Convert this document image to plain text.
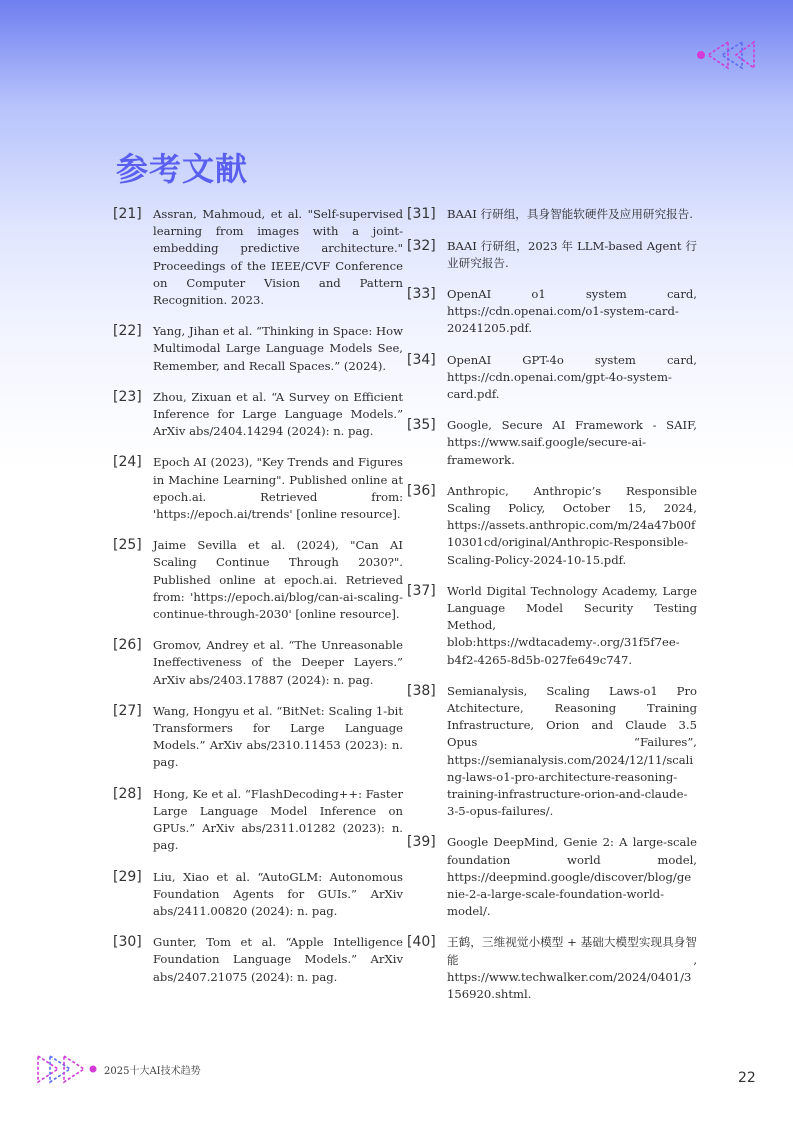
参考文献
[21] Assran, Mahmoud, et al. "Self-supervised learning from images with a joint-embedding predictive architecture." Proceedings of the IEEE/CVF Conference on Computer Vision and Pattern Recognition. 2023.
[22] Yang, Jihan et al. “Thinking in Space: How Multimodal Large Language Models See, Remember, and Recall Spaces.” (2024).
[23] Zhou, Zixuan et al. “A Survey on Efficient Inference for Large Language Models.” ArXiv abs/2404.14294 (2024): n. pag.
[24] Epoch AI (2023), "Key Trends and Figures in Machine Learning". Published online at epoch.ai. Retrieved from: 'https://epoch.ai/trends' [online resource].
[25] Jaime Sevilla et al. (2024), "Can AI Scaling Continue Through 2030?". Published online at epoch.ai. Retrieved from: 'https://epoch.ai/blog/can-ai-scaling-continue-through-2030' [online resource].
[26] Gromov, Andrey et al. “The Unreasonable Ineffectiveness of the Deeper Layers.” ArXiv abs/2403.17887 (2024): n. pag.
[27] Wang, Hongyu et al. “BitNet: Scaling 1-bit Transformers for Large Language Models.” ArXiv abs/2310.11453 (2023): n. pag.
[28] Hong, Ke et al. “FlashDecoding++: Faster Large Language Model Inference on GPUs.” ArXiv abs/2311.01282 (2023): n. pag.
[29] Liu, Xiao et al. “AutoGLM: Autonomous Foundation Agents for GUIs.” ArXiv abs/2411.00820 (2024): n. pag.
[30] Gunter, Tom et al. “Apple Intelligence Foundation Language Models.” ArXiv abs/2407.21075 (2024): n. pag.
[31] BAAI 行研组，具身智能软硬件及应用研究报告.
[32] BAAI 行研组，2023 年 LLM-based Agent 行业研究报告.
[33] OpenAI o1 system card, https://cdn.openai.com/o1-system-card-20241205.pdf.
[34] OpenAI GPT-4o system card, https://cdn.openai.com/gpt-4o-system-card.pdf.
[35] Google, Secure AI Framework - SAIF, https://www.saif.google/secure-ai-framework.
[36] Anthropic, Anthropic’s Responsible Scaling Policy, October 15, 2024, https://assets.anthropic.com/m/24a47b00f10301cd/original/Anthropic-Responsible-Scaling-Policy-2024-10-15.pdf.
[37] World Digital Technology Academy, Large Language Model Security Testing Method, blob:https://wdtacademy-.org/31f5f7ee-b4f2-4265-8d5b-027fe649c747.
[38] Semianalysis, Scaling Laws-o1 Pro Atchitecture, Reasoning Training Infrastructure, Orion and Claude 3.5 Opus “Failures”, https://semianalysis.com/2024/12/11/scaling-laws-o1-pro-architecture-reasoning-training-infrastructure-orion-and-claude-3-5-opus-failures/.
[39] Google DeepMind, Genie 2: A large-scale foundation world model, https://deepmind.google/discover/blog/genie-2-a-large-scale-foundation-world-model/.
[40] 王鹤，三维视觉小模型 + 基础大模型实现具身智能, https://www.techwalker.com/2024/0401/3156920.shtml.
2025十大AI技术趋势	22
